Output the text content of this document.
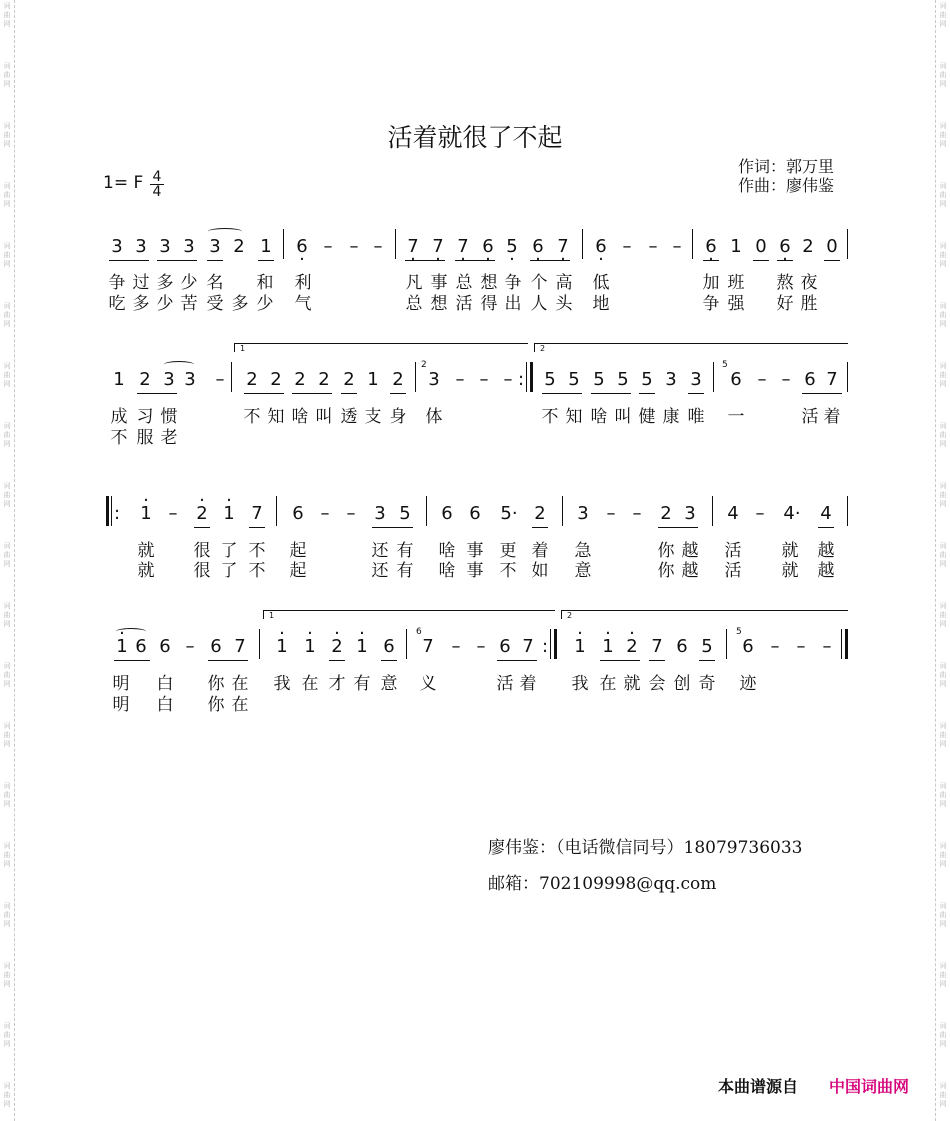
词
曲
网
词
曲
网
词
曲
网
词
曲
网
词
曲
网
词
曲
网
词
曲
网
词
曲
网
词
曲
网
词
曲
网
词
曲
网
词
曲
网
词
曲
网
词
曲
网
词
曲
网
词
曲
网
词
曲
网
词
曲
网
词
曲
网
词
曲
网
词
曲
网
词
曲
网
词
曲
网
词
曲
网
词
曲
网
词
曲
网
词
曲
网
词
曲
网
词
曲
网
词
曲
网
词
曲
网
词
曲
网
词
曲
网
词
曲
网
词
曲
网
词
曲
网
词
曲
网
词
曲
网
活着就很了不起
1= F 4
4
作词：郭万里
作曲：廖伟鉴
3 3 3 3 3 2 1 6 · – – –	7 · 7 · 7 · 6 · 5 · 6 · 7 · 6 · – – –	6 · 1 0 6 · 2 0
争 过 多 少 名 和 利	凡 事 总 想 争 个 高 低	加 班 熬 夜
吃 多 少 苦 受 多 少 气	总 想 活 得 出 人 头 地	争 强 好 胜
1	2
1 2 3 3	–	2 2 2 2 2 1 2
2
3 – – – : 5 5 5 5 5 3 3
5
6 – – 6 7
成 习 惯	不 知 啥 叫 透 支 身 体	不 知 啥 叫 健 康 唯 一	活 着
不 服 老
: · 1 –	· 2 · 1 7 6 – –	3 5 6 6	5· 2 3 – –	2 3 4 –	4·	4
就 很 了 不 起	还 有 啥 事 更 着 急	你 越 活 就 越
就 很 了 不 起	还 有 啥 事 不 如 意	你 越 活 就 越
1	2
· 1 6 6 – 6 7 · 1 · 1 · 2 · 1 6
6
7 – – 6 7 : · 1 · 1 · 2 7 6 5
5
6 – – –
明 白 你 在 我 在 才 有 意 义	活 着 我 在 就 会 创 奇 迹
明 白 你 在
廖伟鉴：（电话微信同号）18079736033
邮箱：702109998@qq.com
本曲谱源自 中国词曲网
